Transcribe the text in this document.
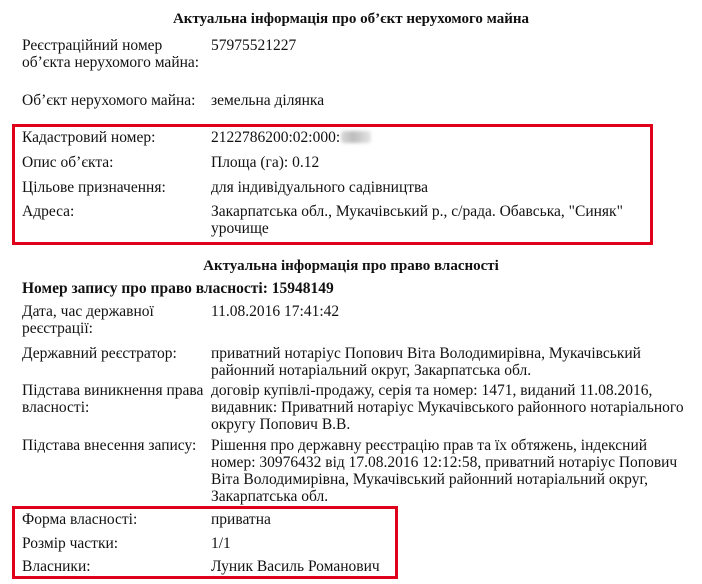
Актуальна інформація про об’єкт нерухомого майна
Реєстраційний номер об’єкта нерухомого майна:
57975521227
Об’єкт нерухомого майна:	земельна ділянка
Кадастровий номер:	2122786200:02:000:
Опис об’єкта:	Площа (га): 0.12
Цільове призначення:	для індивідуального садівництва
Адреса:	Закарпатська обл., Мукачівський р., с/рада. Обавська, "Синяк" урочище
Актуальна інформація про право власності
Номер запису про право власності: 15948149
Дата, час державної реєстрації:
11.08.2016 17:41:42
Державний реєстратор:	приватний нотаріус Попович Віта Володимирівна, Мукачівський районний нотаріальний округ, Закарпатська обл.
Підстава виникнення права власності:
договір купівлі-продажу, серія та номер: 1471, виданий 11.08.2016, видавник: Приватний нотаріус Мукачівського районного нотаріального округу Попович В.В.
Підстава внесення запису: Рішення про державну реєстрацію прав та їх обтяжень, індексний номер: 30976432 від 17.08.2016 12:12:58, приватний нотаріус Попович Віта Володимирівна, Мукачівський районний нотаріальний округ, Закарпатська обл.
Форма власності:	приватна
Розмір частки:	1/1
Власники:	Луник Василь Романович
